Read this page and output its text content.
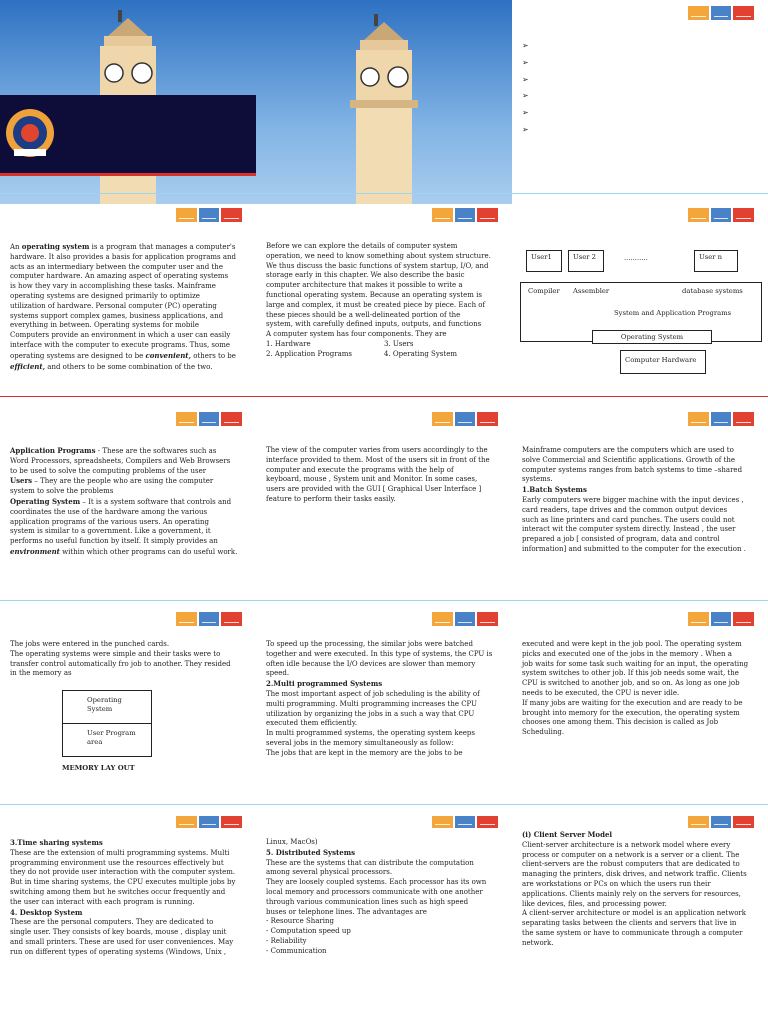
➢
➢
➢
➢
➢
➢

An operating system is a program that manages a computer's

hardware. It also provides a basis for application programs and

acts as an intermediary between the computer user and the

computer hardware. An amazing aspect of operating systems

is how they vary in accomplishing these tasks. Mainframe

operating systems are designed primarily to optimize

utilization of hardware. Personal computer (PC) operating

systems support complex games, business applications, and

everything in between. Operating systems for mobile

Computers provide an environment in which a user can easily

interface with the computer to execute programs. Thus, some

operating systems are designed to be convenient, others to be

efficient, and others to be some combination of the two.

Before we can explore the details of computer system

operation, we need to know something about system structure.

We thus discuss the basic functions of system startup, I/O, and

storage early in this chapter. We also describe the basic

computer architecture that makes it possible to write a

functional operating system. Because an operating system is

large and complex, it must be created piece by piece. Each of

these pieces should be a well-delineated portion of the

system, with carefully defined inputs, outputs, and functions

A computer system has four components. They are

1. Hardware	3. Users
2. Application Programs	4. Operating System
User1	User 2	...........	User n
Compiler Assembler	database systems
System and Application Programs
Operating System
Computer Hardware

Application Programs - These are the softwares such as

Word Processors, spreadsheets, Compilers and Web Browsers

to be used to solve the computing problems of the user

Users – They are the people who are using the computer

system to solve the problems

Operating System – It is a system software that controls and

coordinates the use of the hardware among the various

application programs of the various users. An operating

system is similar to a government. Like a government, it

performs no useful function by itself. It simply provides an

environment within which other programs can do useful work.

The view of the computer varies from users accordingly to the

interface provided to them. Most of the users sit in front of the

computer and execute the programs with the help of

keyboard, mouse , System unit and Monitor. In some cases,

users are provided with the GUI [ Graphical User Interface ]

feature to perform their tasks easily.

Mainframe computers are the computers which are used to

solve Commercial and Scientific applications. Growth of the

computer systems ranges from batch systems to time –shared

systems.

1.Batch Systems

Early computers were bigger machine with the input devices ,

card readers, tape drives and the common output devices

such as line printers and card punches. The users could not

interact wit the computer system directly. Instead , the user

prepared a job [ consisted of program, data and control

information] and submitted to the computer for the execution .

The jobs were entered in the punched cards.

The operating systems were simple and their tasks were to

transfer control automatically fro job to another. They resided

in the memory as

Operating
System
User Program
area
MEMORY LAY OUT

To speed up the processing, the similar jobs were batched

together and were executed. In this type of systems, the CPU is

often idle because the I/O devices are slower than memory

speed.

2.Multi programmed Systems

The most important aspect of job scheduling is the ability of

multi programming. Multi programming increases the CPU

utilization by organizing the jobs in a such a way that CPU

executed them efficiently.

In multi programmed systems, the operating system keeps

several jobs in the memory simultaneously as follow:

The jobs that are kept in the memory are the jobs to be

executed and were kept in the job pool. The operating system

picks and executed one of the jobs in the memory . When a

job waits for some task such waiting for an input, the operating

system switches to other job. If this job needs some wait, the

CPU is switched to another job, and so on. As long as one job

needs to be executed, the CPU is never idle.

If many jobs are waiting for the execution and are ready to be

brought into memory for the execution, the operating system

chooses one among them. This decision is called as Job

Scheduling.

3.Time sharing systems

These are the extension of multi programming systems. Multi

programming environment use the resources effectively but

they do not provide user interaction with the computer system.

But in time sharing systems, the CPU executes multiple jobs by

switching among them but he switches occur frequently and

the user can interact with each program is running.

4. Desktop System

These are the personal computers. They are dedicated to

single user. They consists of key boards, mouse , display unit

and small printers. These are used for user conveniences. May

run on different types of operating systems (Windows, Unix ,

Linux, MacOs)

5. Distributed Systems

These are the systems that can distribute the computation

among several physical processors.

They are loosely coupled systems. Each processor has its own

local memory and processors communicate with one another

through various communication lines such as high speed

buses or telephone lines. The advantages are

- Resource Sharing

- Computation speed up

- Reliability

- Communication

(i) Client Server Model

Client-server architecture is a network model where every

process or computer on a network is a server or a client. The

client-servers are the robust computers that are dedicated to

managing the printers, disk drives, and network traffic. Clients

are workstations or PCs on which the users run their

applications. Clients mainly rely on the servers for resources,

like devices, files, and processing power.

A client-server architecture or model is an application network

separating tasks between the clients and servers that live in

the same system or have to communicate through a computer

network.
